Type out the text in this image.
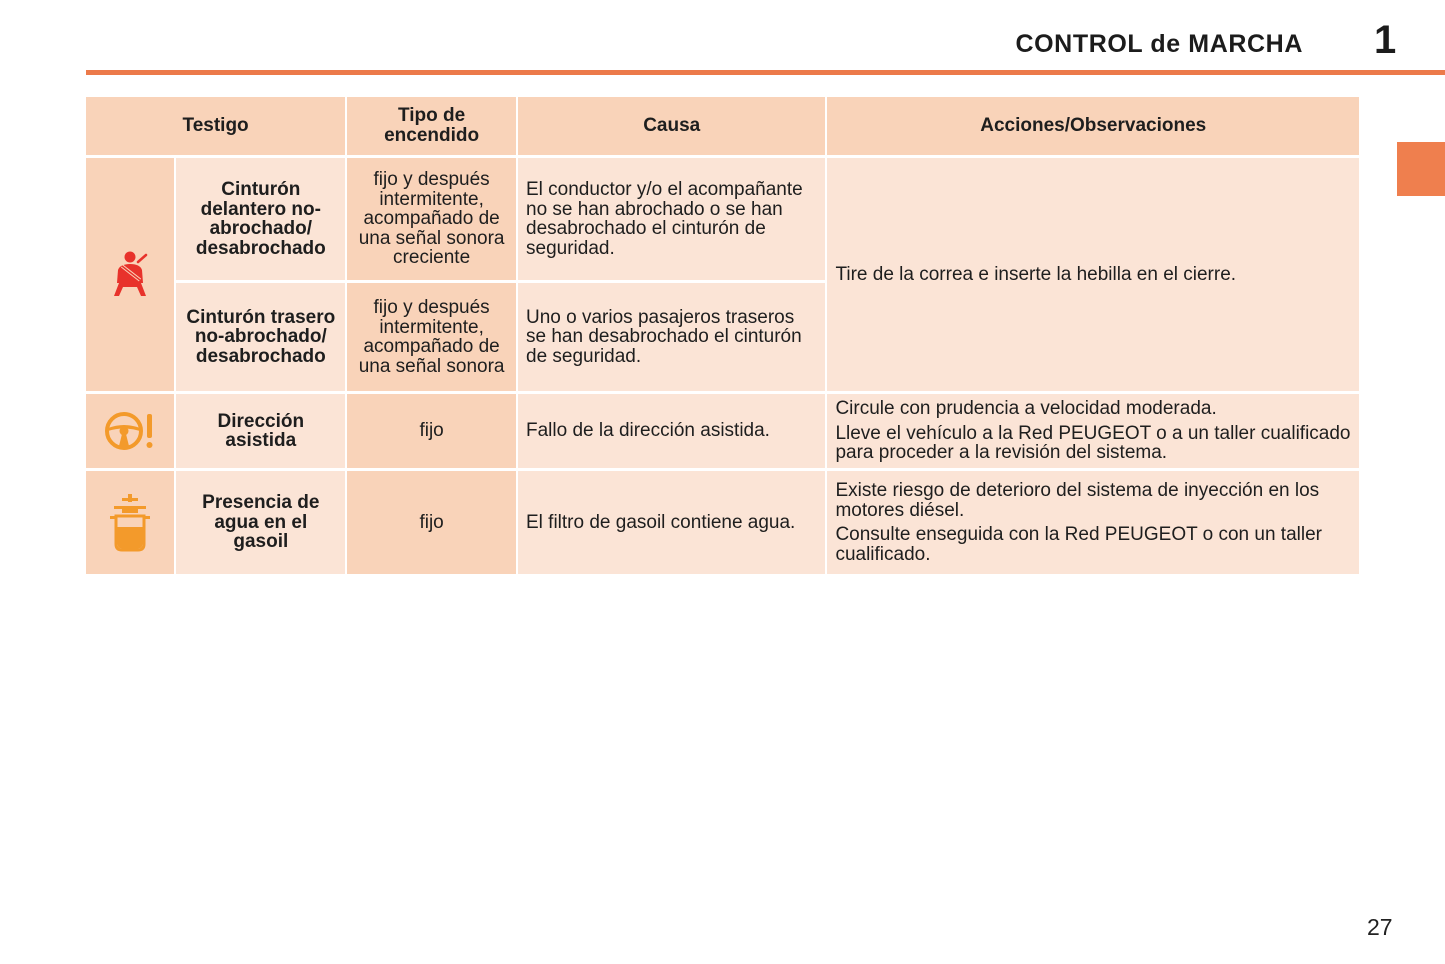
CONTROL de MARCHA 1
Testigo		Tipo de encendido	Causa	Acciones/Observaciones
	Cinturón delantero no-abrochado/ desabrochado	fijo y después intermitente, acompañado de una señal sonora creciente	El conductor y/o el acompañante no se han abrochado o se han desabrochado el cinturón de seguridad.	Tire de la correa e inserte la hebilla en el cierre.
	Cinturón trasero no-abrochado/ desabrochado	fijo y después intermitente, acompañado de una señal sonora	Uno o varios pasajeros traseros se han desabrochado el cinturón de seguridad.	
	Dirección asistida	fijo	Fallo de la dirección asistida.	Circule con prudencia a velocidad moderada.

Lleve el vehículo a la Red PEUGEOT o a un taller cualificado para proceder a la revisión del sistema.

	Presencia de agua en el gasoil	fijo	El filtro de gasoil contiene agua.	Existe riesgo de deterioro del sistema de inyección en los motores diésel.

Consulte enseguida con la Red PEUGEOT o con un taller cualificado.

27
